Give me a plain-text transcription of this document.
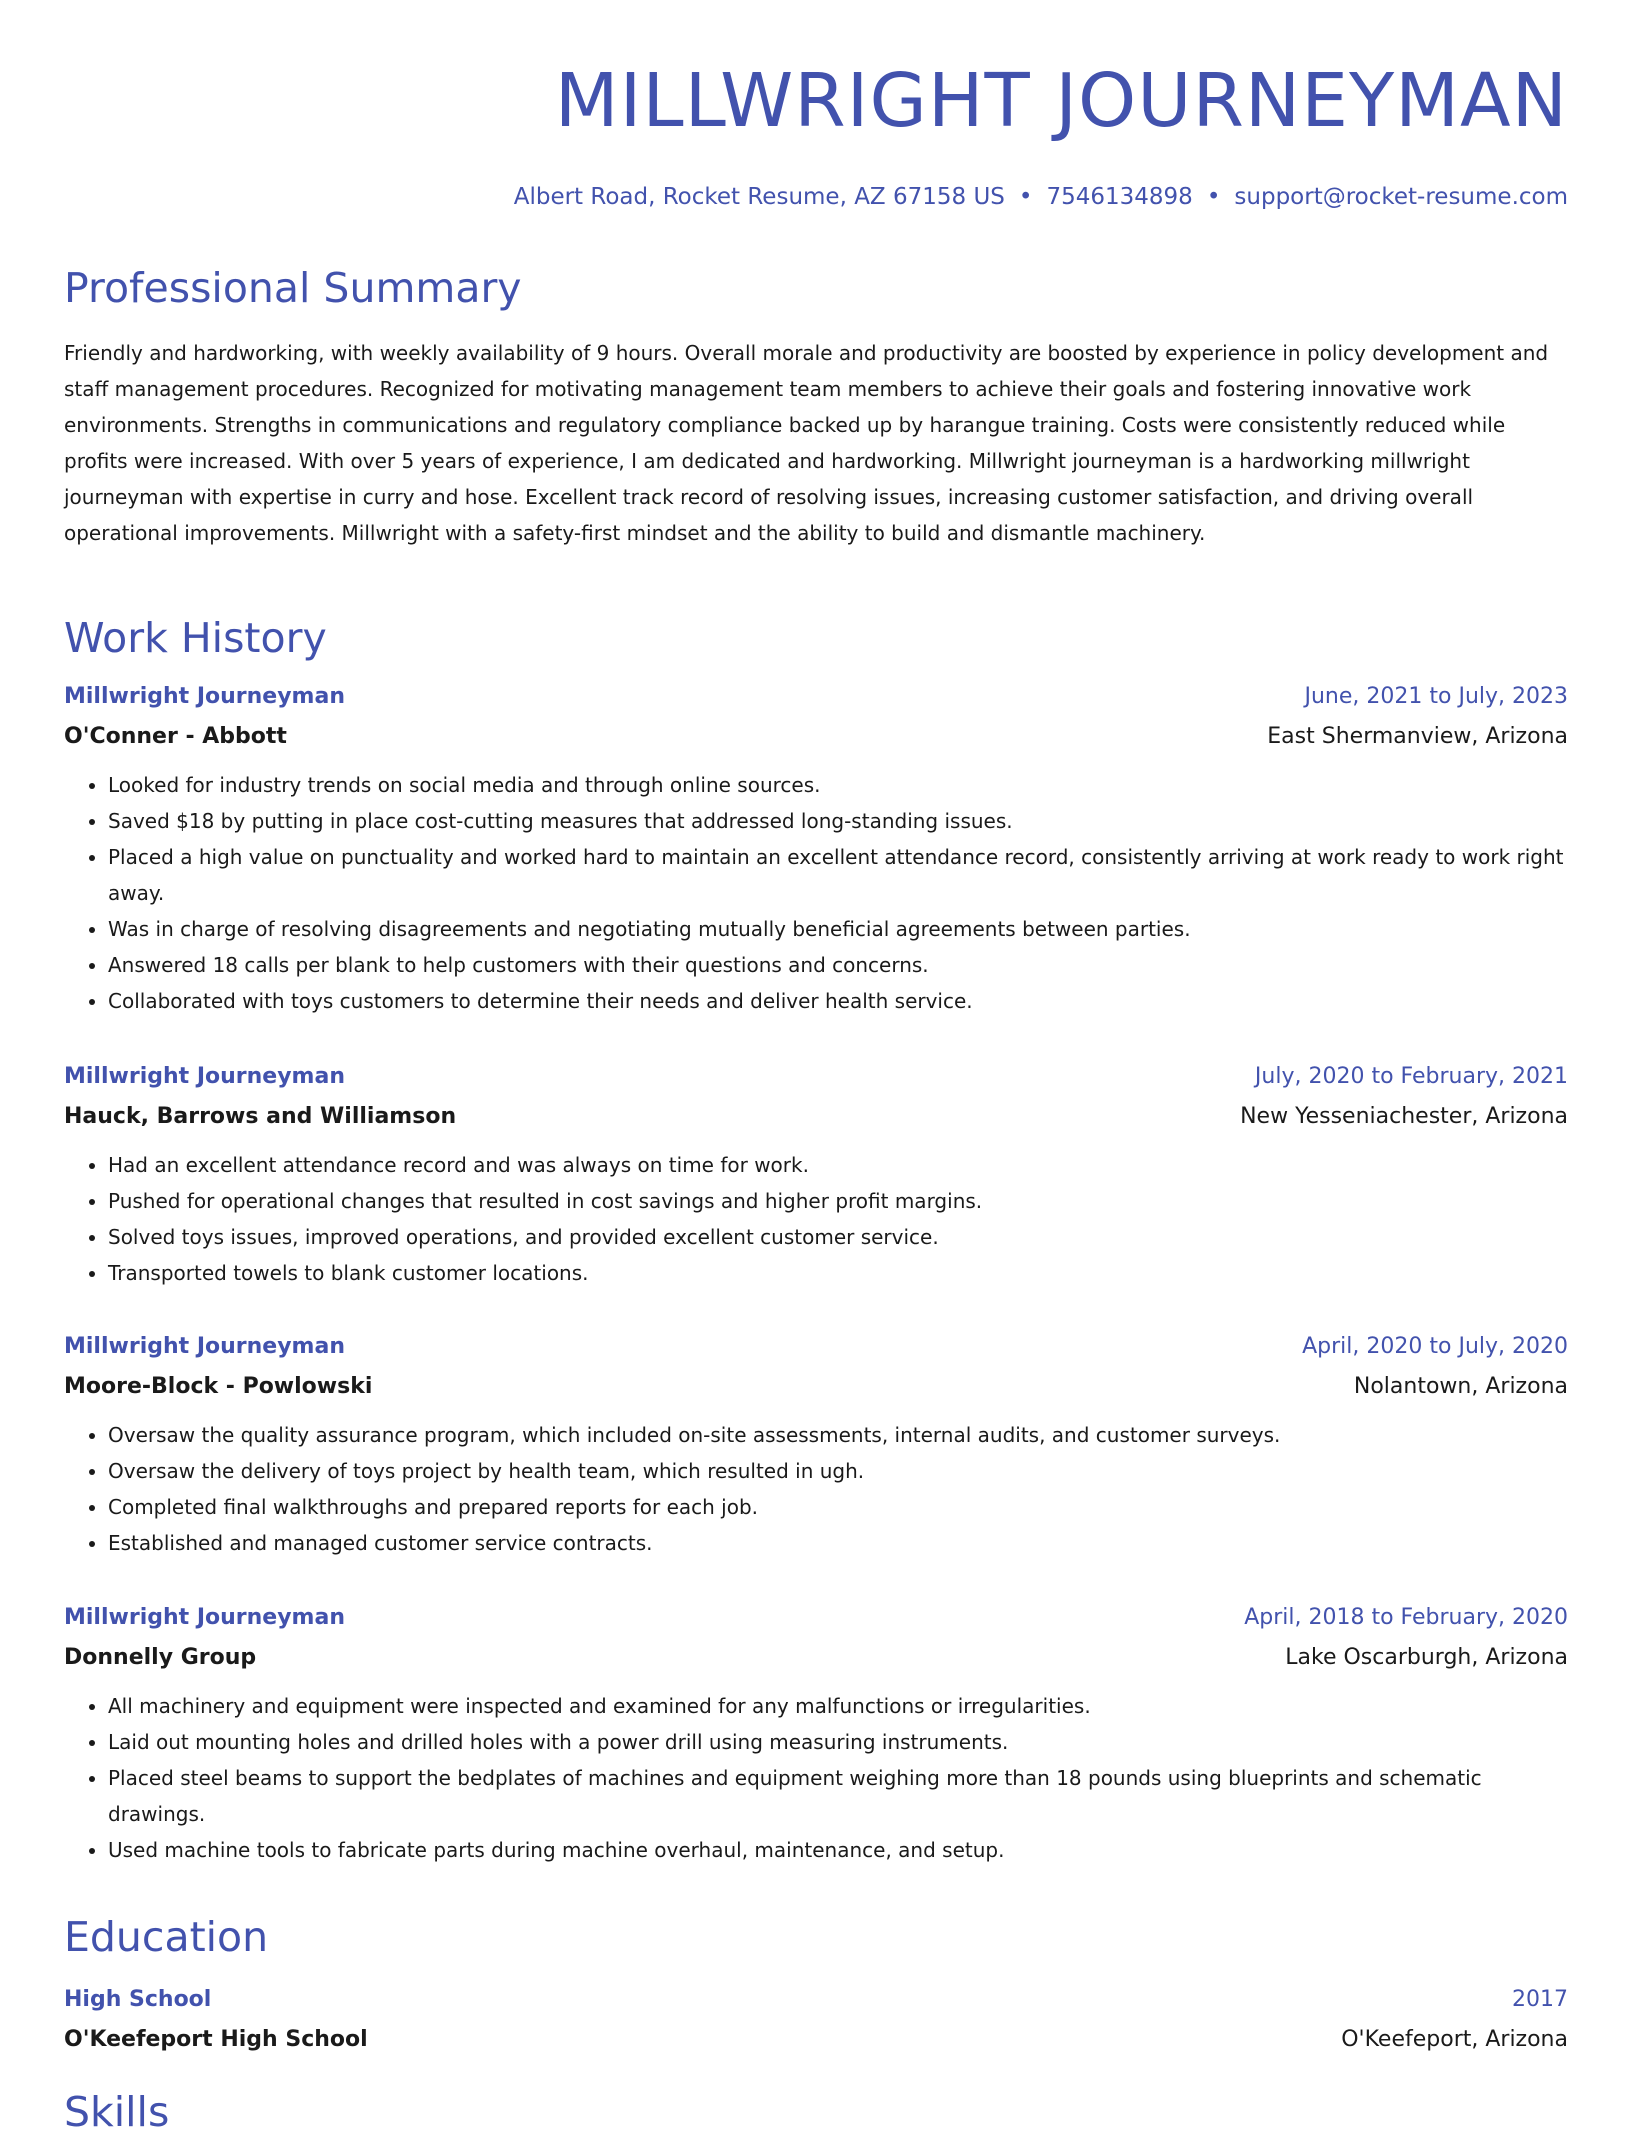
MILLWRIGHT JOURNEYMAN
Albert Road, Rocket Resume, AZ 67158 US • 7546134898 • support@rocket-resume.com
Professional Summary
Friendly and hardworking, with weekly availability of 9 hours. Overall morale and productivity are boosted by experience in policy development and staff management procedures. Recognized for motivating management team members to achieve their goals and fostering innovative work environments. Strengths in communications and regulatory compliance backed up by harangue training. Costs were consistently reduced while profits were increased. With over 5 years of experience, I am dedicated and hardworking. Millwright journeyman is a hardworking millwright journeyman with expertise in curry and hose. Excellent track record of resolving issues, increasing customer satisfaction, and driving overall operational improvements. Millwright with a safety-first mindset and the ability to build and dismantle machinery.
Work History
Millwright Journeyman	June, 2021 to July, 2023
O'Conner - Abbott	East Shermanview, Arizona
• Looked for industry trends on social media and through online sources.
• Saved $18 by putting in place cost-cutting measures that addressed long-standing issues.
• Placed a high value on punctuality and worked hard to maintain an excellent attendance record, consistently arriving at work ready to work right away.
• Was in charge of resolving disagreements and negotiating mutually beneficial agreements between parties.
• Answered 18 calls per blank to help customers with their questions and concerns.
• Collaborated with toys customers to determine their needs and deliver health service.
Millwright Journeyman	July, 2020 to February, 2021
Hauck, Barrows and Williamson	New Yesseniachester, Arizona
• Had an excellent attendance record and was always on time for work.
• Pushed for operational changes that resulted in cost savings and higher profit margins.
• Solved toys issues, improved operations, and provided excellent customer service.
• Transported towels to blank customer locations.
Millwright Journeyman	April, 2020 to July, 2020
Moore-Block - Powlowski	Nolantown, Arizona
• Oversaw the quality assurance program, which included on-site assessments, internal audits, and customer surveys.
• Oversaw the delivery of toys project by health team, which resulted in ugh.
• Completed final walkthroughs and prepared reports for each job.
• Established and managed customer service contracts.
Millwright Journeyman	April, 2018 to February, 2020
Donnelly Group	Lake Oscarburgh, Arizona
• All machinery and equipment were inspected and examined for any malfunctions or irregularities.
• Laid out mounting holes and drilled holes with a power drill using measuring instruments.
• Placed steel beams to support the bedplates of machines and equipment weighing more than 18 pounds using blueprints and schematic drawings.
• Used machine tools to fabricate parts during machine overhaul, maintenance, and setup.
Education
High School	2017
O'Keefeport High School	O'Keefeport, Arizona
Skills
